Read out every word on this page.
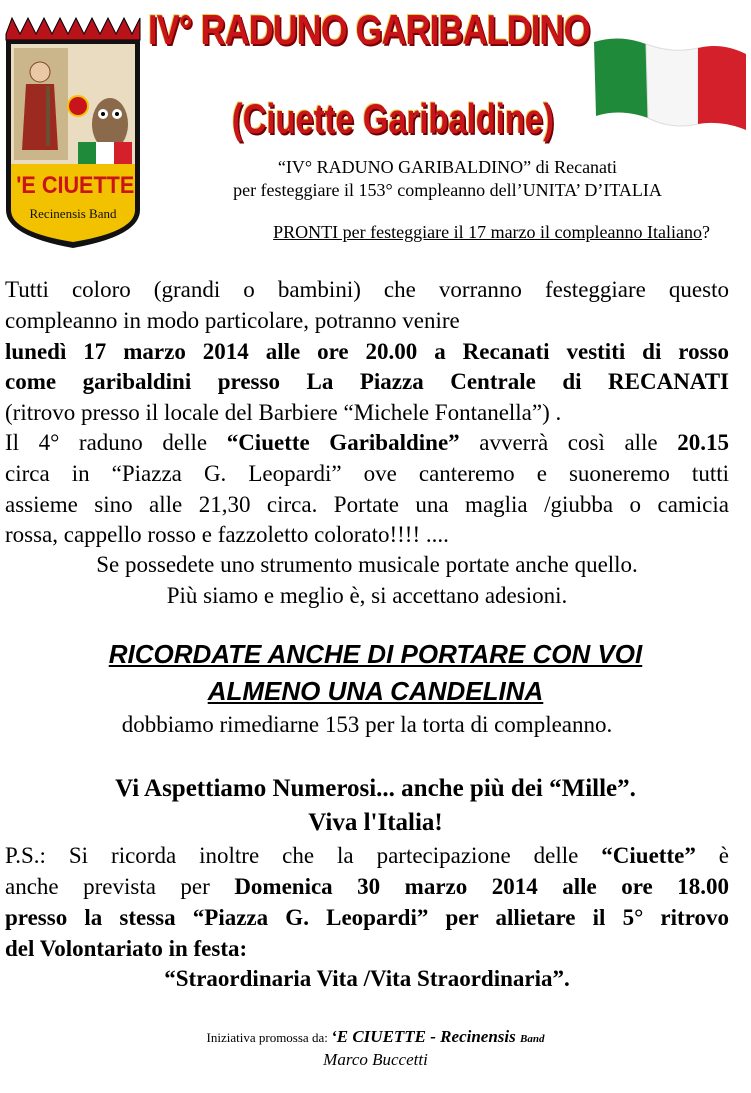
'E CIUETTE
Recinensis Band
IV° RADUNO GARIBALDINO
(Ciuette Garibaldine)
“IV° RADUNO GARIBALDINO” di Recanati
per festeggiare il 153° compleanno dell’UNITA’ D’ITALIA
PRONTI per festeggiare il 17 marzo il compleanno Italiano?
Tutti coloro (grandi o bambini) che vorranno festeggiare questo
compleanno in modo particolare, potranno venire
lunedì 17 marzo 2014 alle ore 20.00 a Recanati vestiti di rosso
come garibaldini presso La Piazza Centrale di RECANATI
(ritrovo presso il locale del Barbiere “Michele Fontanella”) .
Il 4° raduno delle “Ciuette Garibaldine” avverrà così alle 20.15
circa in “Piazza G. Leopardi” ove canteremo e suoneremo tutti
assieme sino alle 21,30 circa. Portate una maglia /giubba o camicia
rossa, cappello rosso e fazzoletto colorato!!!! ....
Se possedete uno strumento musicale portate anche quello.
Più siamo e meglio è, si accettano adesioni.
RICORDATE ANCHE DI PORTARE CON VOI
ALMENO UNA CANDELINA
dobbiamo rimediarne 153 per la torta di compleanno.
Vi Aspettiamo Numerosi... anche più dei “Mille”.
Viva l'Italia!
P.S.: Si ricorda inoltre che la partecipazione delle “Ciuette” è
anche prevista per Domenica 30 marzo 2014 alle ore 18.00
presso la stessa “Piazza G. Leopardi” per allietare il 5° ritrovo
del Volontariato in festa:
“Straordinaria Vita /Vita Straordinaria”.
Iniziativa promossa da: ‘E CIUETTE - Recinensis Band
Marco Buccetti
